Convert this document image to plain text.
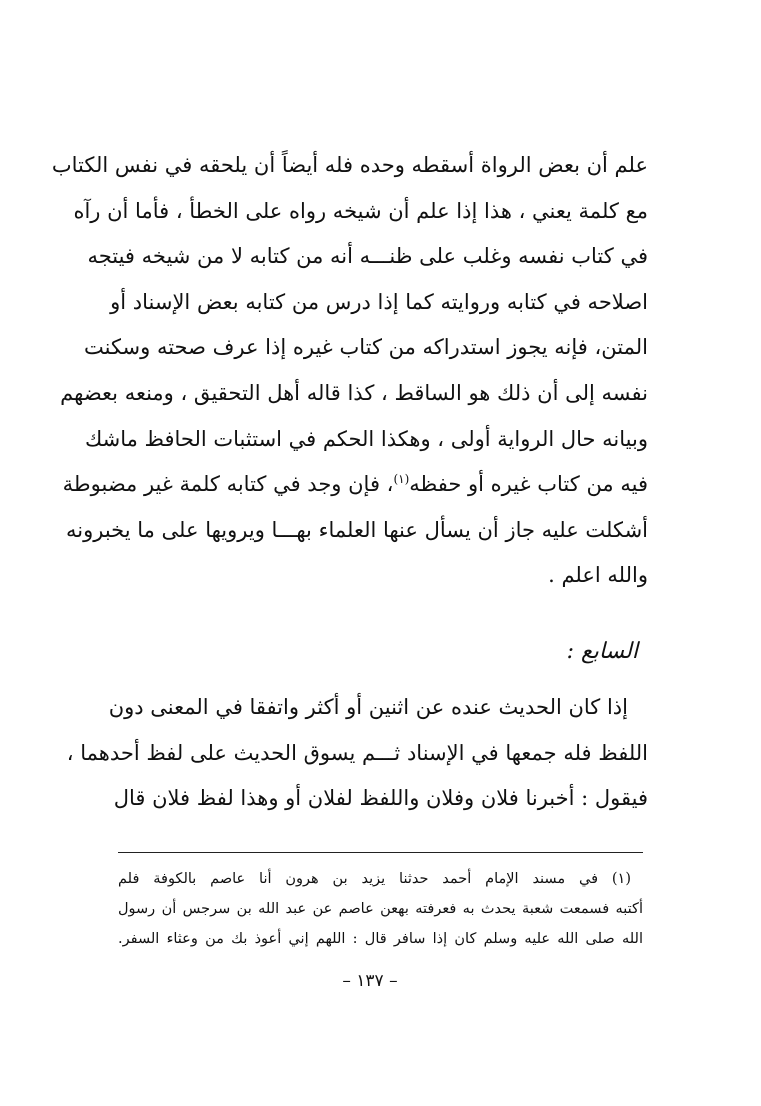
علم أن بعض الرواة أسقطه وحده فله أيضاً أن يلحقه في نفس الكتاب
مع كلمة يعني ، هذا إذا علم أن شيخه رواه على الخطأ ، فأما أن رآه
في كتاب نفسه وغلب على ظنـــه أنه من كتابه لا من شيخه فيتجه
اصلاحه في كتابه وروايته كما إذا درس من كتابه بعض الإسناد أو
المتن، فإنه يجوز استدراكه من كتاب غيره إذا عرف صحته وسكنت
نفسه إلى أن ذلك هو الساقط ، كذا قاله أهل التحقيق ، ومنعه بعضهم
وبيانه حال الرواية أولى ، وهكذا الحكم في استثبات الحافظ ماشك
فيه من كتاب غيره أو حفظه$^{(١)}$، فإن وجد في كتابه كلمة غير مضبوطة
أشكلت عليه جاز أن يسأل عنها العلماء بهـــا ويرويها على ما يخبرونه
والله اعلم .
السابع :
إذا كان الحديث عنده عن اثنين أو أكثر واتفقا في المعنى دون
اللفظ فله جمعها في الإسناد ثـــم يسوق الحديث على لفظ أحدهما ،
فيقول : أخبرنا فلان وفلان واللفظ لفلان أو وهذا لفظ فلان قال
(١) في مسند الإمام أحمد حدثنا يزيد بن هرون أنا عاصم بالكوفة فلم
أكتبه فسمعت شعبة يحدث به فعرفته بهعن عاصم عن عبد الله بن سرجس أن رسول
الله صلى الله عليه وسلم كان إذا سافر قال : اللهم إني أعوذ بك من وعثاء السفر.
– ١٣٧ –
